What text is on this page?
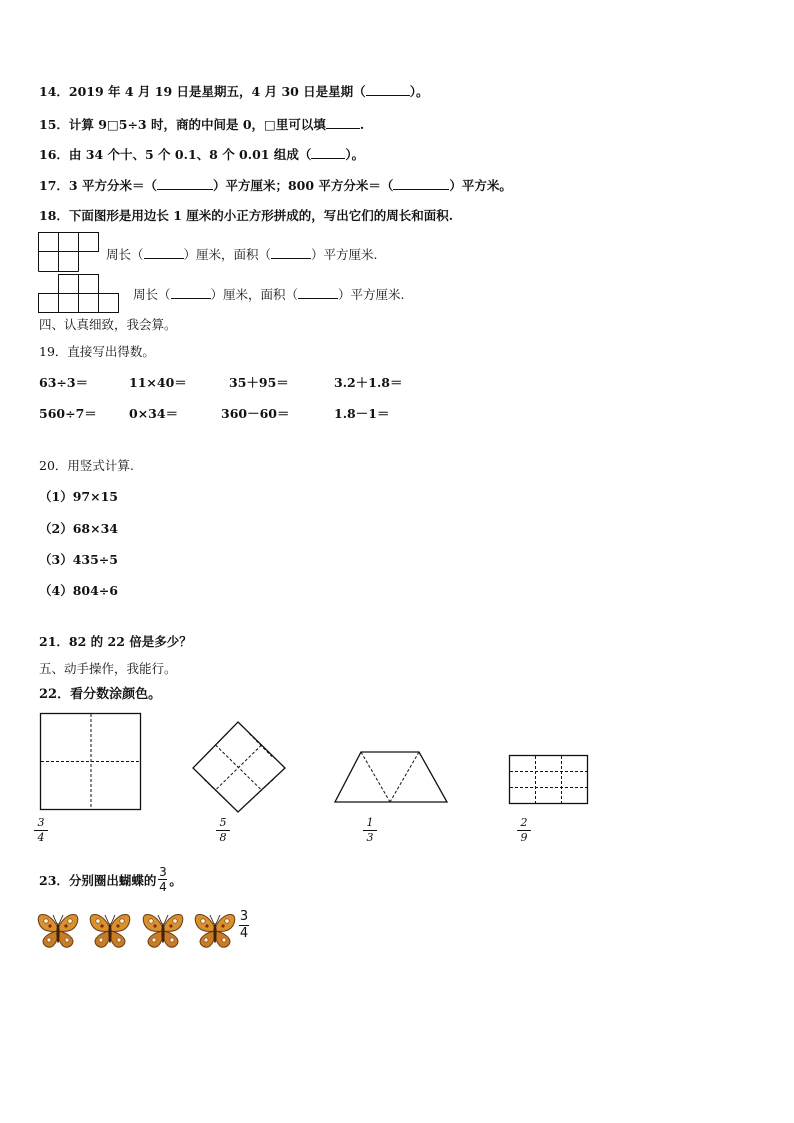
14．2019 年 4 月 19 日是星期五，4 月 30 日是星期（	）。
15．计算 9□5÷3 时，商的中间是 0，□里可以填	.
16．由 34 个十、5 个 0.1、8 个 0.01 组成（	）。
17．3 平方分米＝（	）平方厘米；800 平方分米＝（	）平方米。
18．下面图形是用边长 1 厘米的小正方形拼成的，写出它们的周长和面积.
周长（	）厘米，面积（	）平方厘米.
周长（	）厘米，面积（	）平方厘米.
四、认真细致，我会算。
19．直接写出得数。
63÷3＝	11×40＝	35＋95＝	3.2＋1.8＝
560÷7＝	0×34＝	360－60＝	1.8－1＝
20．用竖式计算.
（1）97×15
（2）68×34
（3）435÷5
（4）804÷6
21．82 的 22 倍是多少？
五、动手操作，我能行。
22．看分数涂颜色。
3
4
5
8
1
3
2
9
23．分别圈出蝴蝶的 $\frac{3}{4}$ 。
3
4
